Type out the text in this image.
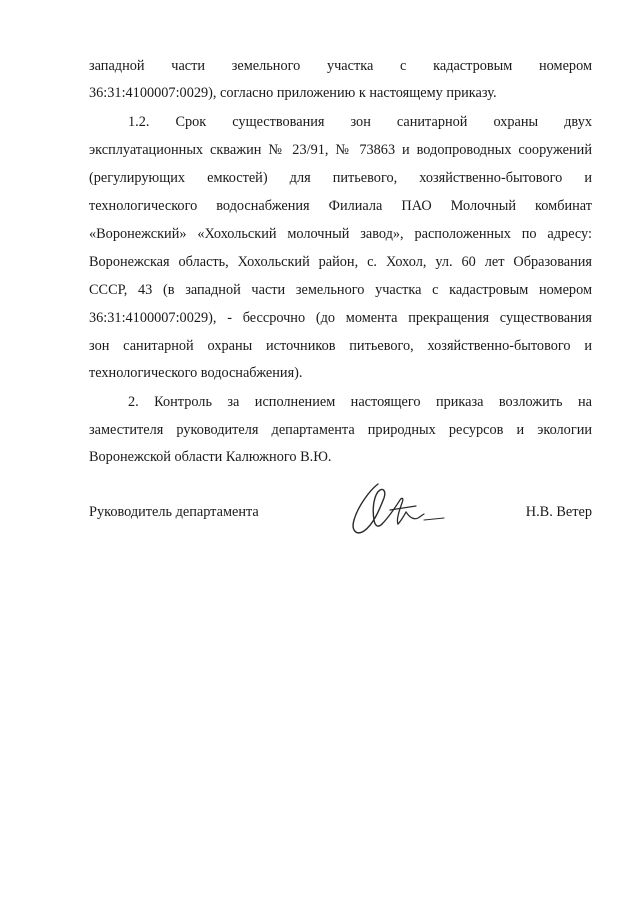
западной части земельного участка с кадастровым номером
36:31:4100007:0029), согласно приложению к настоящему приказу.
1.2. Срок существования зон санитарной охраны двух
эксплуатационных скважин № 23/91, № 73863 и водопроводных сооружений
(регулирующих емкостей) для питьевого, хозяйственно-бытового и
технологического водоснабжения Филиала ПАО Молочный комбинат
«Воронежский» «Хохольский молочный завод», расположенных по адресу:
Воронежская область, Хохольский район, с. Хохол, ул. 60 лет Образования
СССР, 43 (в западной части земельного участка с кадастровым номером
36:31:4100007:0029), - бессрочно (до момента прекращения существования
зон санитарной охраны источников питьевого, хозяйственно-бытового и
технологического водоснабжения).
2. Контроль за исполнением настоящего приказа возложить на
заместителя руководителя департамента природных ресурсов и экологии
Воронежской области Калюжного В.Ю.
Руководитель департамента	Н.В. Ветер
